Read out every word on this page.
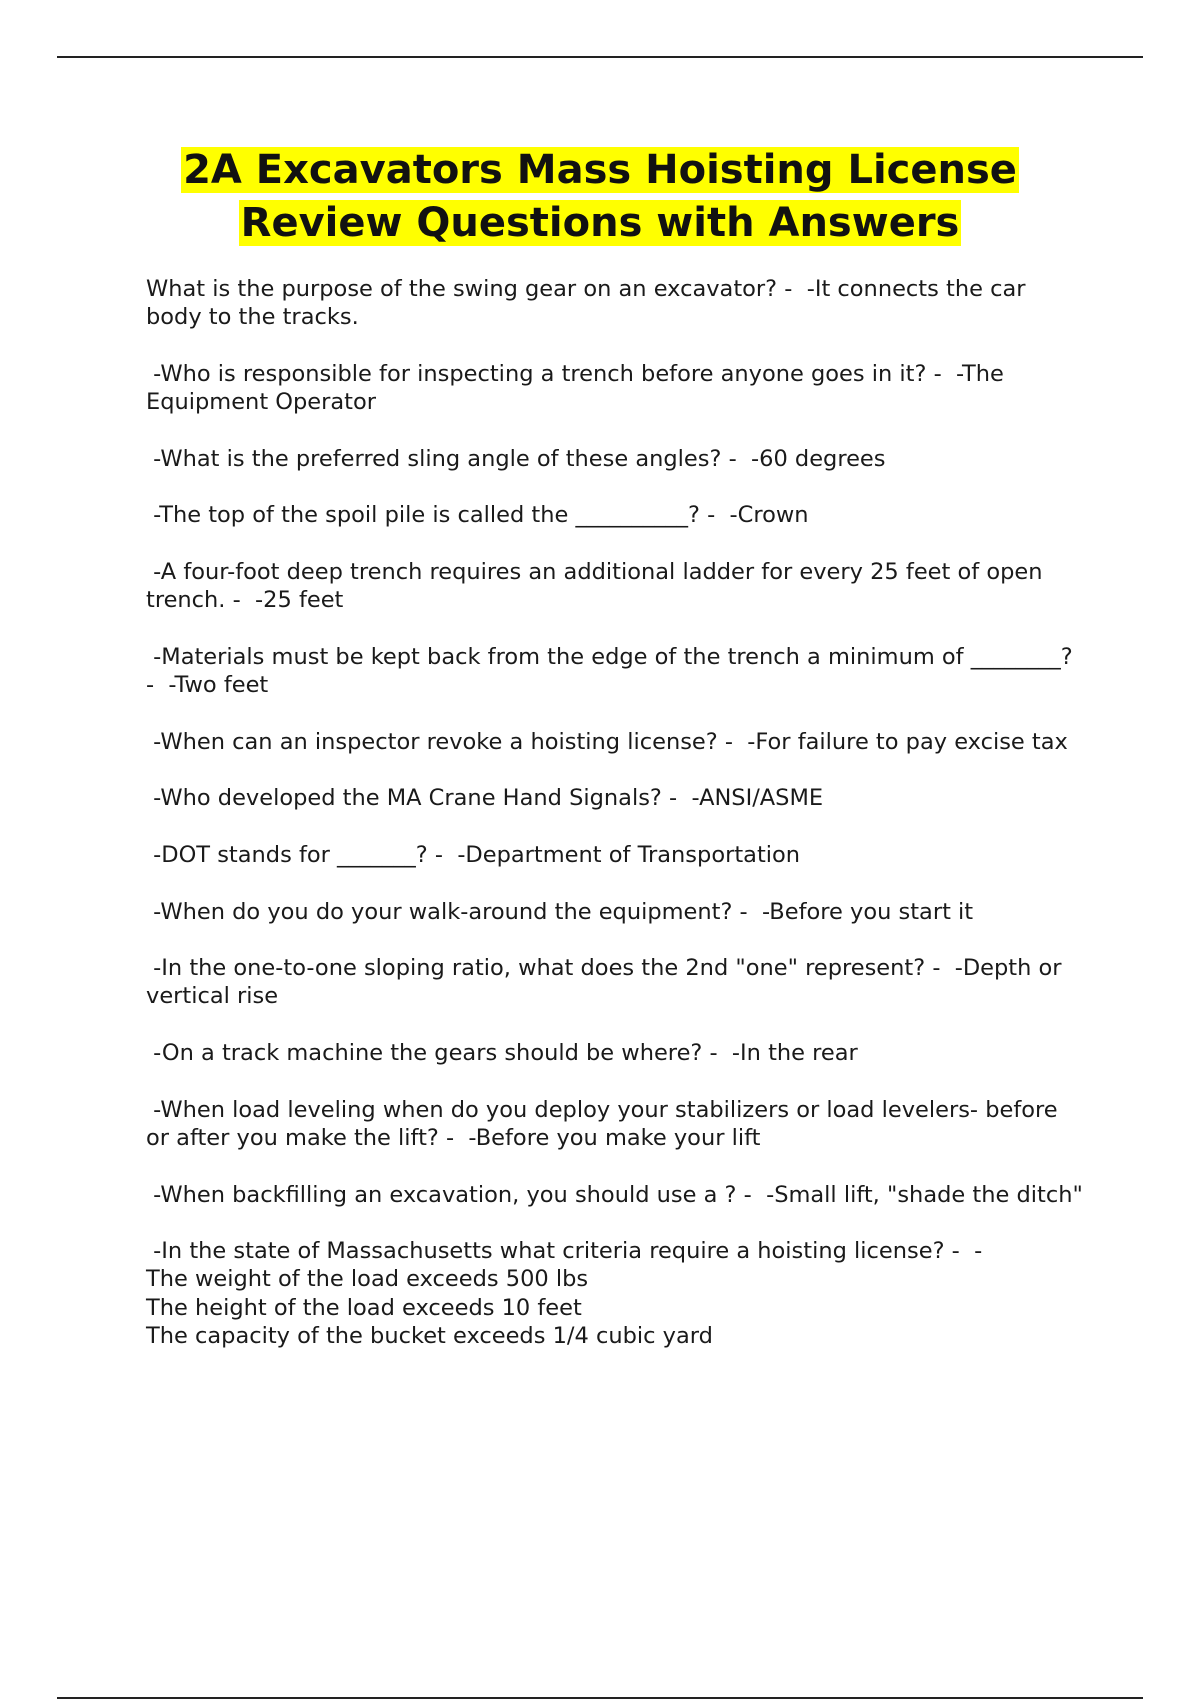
2A Excavators Mass Hoisting License
Review Questions with Answers
What is the purpose of the swing gear on an excavator? -  -It connects the car body to the tracks.
-Who is responsible for inspecting a trench before anyone goes in it? -  -The Equipment Operator
-What is the preferred sling angle of these angles? -  -60 degrees
-The top of the spoil pile is called the __________? -  -Crown
-A four-foot deep trench requires an additional ladder for every 25 feet of open trench. -  -25 feet
-Materials must be kept back from the edge of the trench a minimum of ________? -  -Two feet
-When can an inspector revoke a hoisting license? -  -For failure to pay excise tax
-Who developed the MA Crane Hand Signals? -  -ANSI/ASME
-DOT stands for _______? -  -Department of Transportation
-When do you do your walk-around the equipment? -  -Before you start it
-In the one-to-one sloping ratio, what does the 2nd "one" represent? -  -Depth or vertical rise
-On a track machine the gears should be where? -  -In the rear
-When load leveling when do you deploy your stabilizers or load levelers- before or after you make the lift? -  -Before you make your lift
-When backfilling an excavation, you should use a ? -  -Small lift, "shade the ditch"
-In the state of Massachusetts what criteria require a hoisting license? -  -
The weight of the load exceeds 500 lbs
The height of the load exceeds 10 feet
The capacity of the bucket exceeds 1/4 cubic yard
